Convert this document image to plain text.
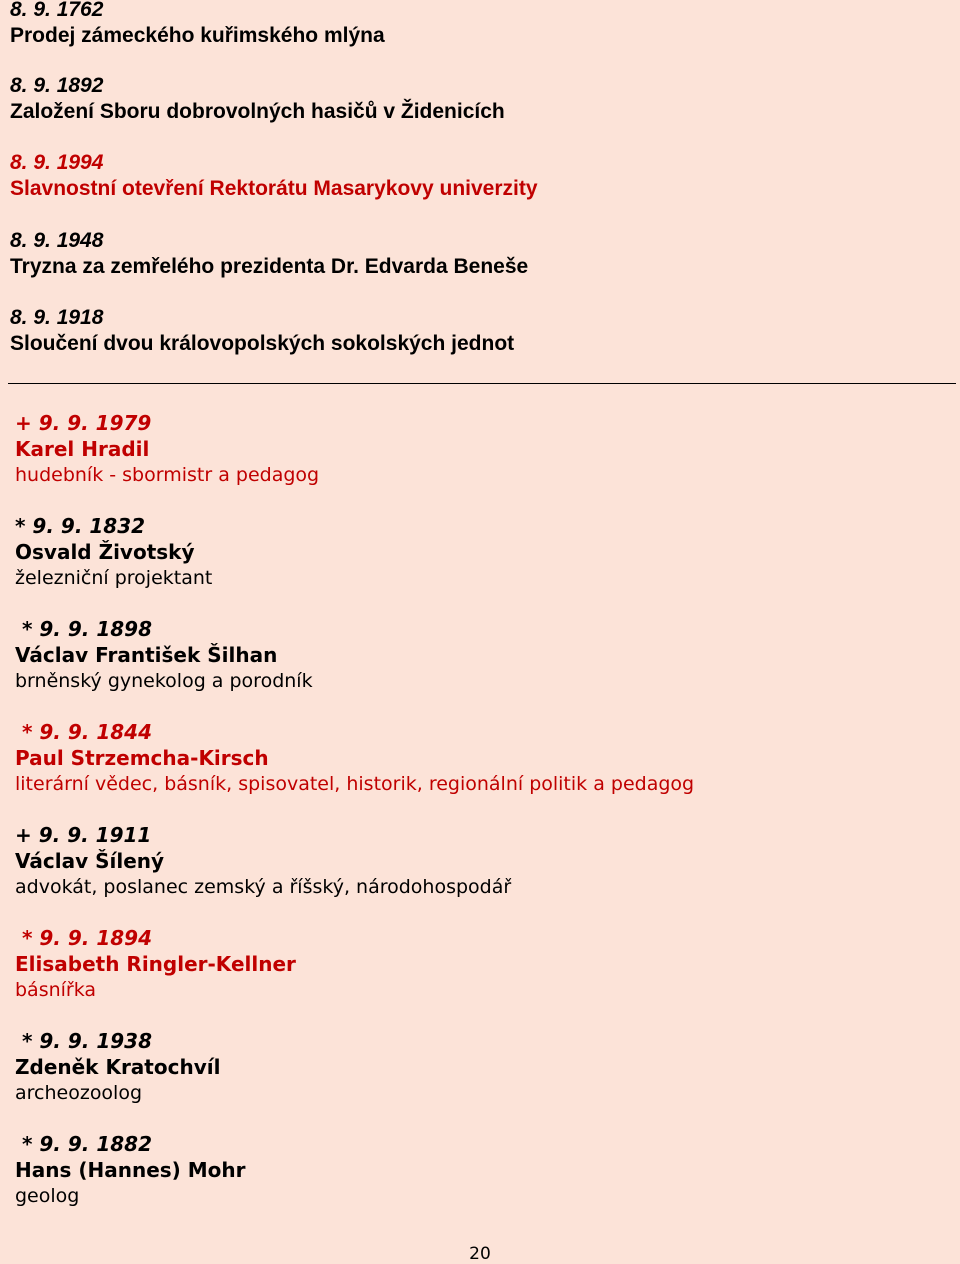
8. 9. 1762
Prodej zámeckého kuřimského mlýna
8. 9. 1892
Založení Sboru dobrovolných hasičů v Židenicích
8. 9. 1994
Slavnostní otevření Rektorátu Masarykovy univerzity
8. 9. 1948
Tryzna za zemřelého prezidenta Dr. Edvarda Beneše
8. 9. 1918
Sloučení dvou královopolských sokolských jednot
+ 9. 9. 1979
Karel Hradil
hudebník - sbormistr a pedagog
* 9. 9. 1832
Osvald Životský
železniční projektant
* 9. 9. 1898
Václav František Šilhan
brněnský gynekolog a porodník
* 9. 9. 1844
Paul Strzemcha-Kirsch
literární vědec, básník, spisovatel, historik, regionální politik a pedagog
+ 9. 9. 1911
Václav Šílený
advokát, poslanec zemský a říšský, národohospodář
* 9. 9. 1894
Elisabeth Ringler-Kellner
básnířka
* 9. 9. 1938
Zdeněk Kratochvíl
archeozoolog
* 9. 9. 1882
Hans (Hannes) Mohr
geolog
20
